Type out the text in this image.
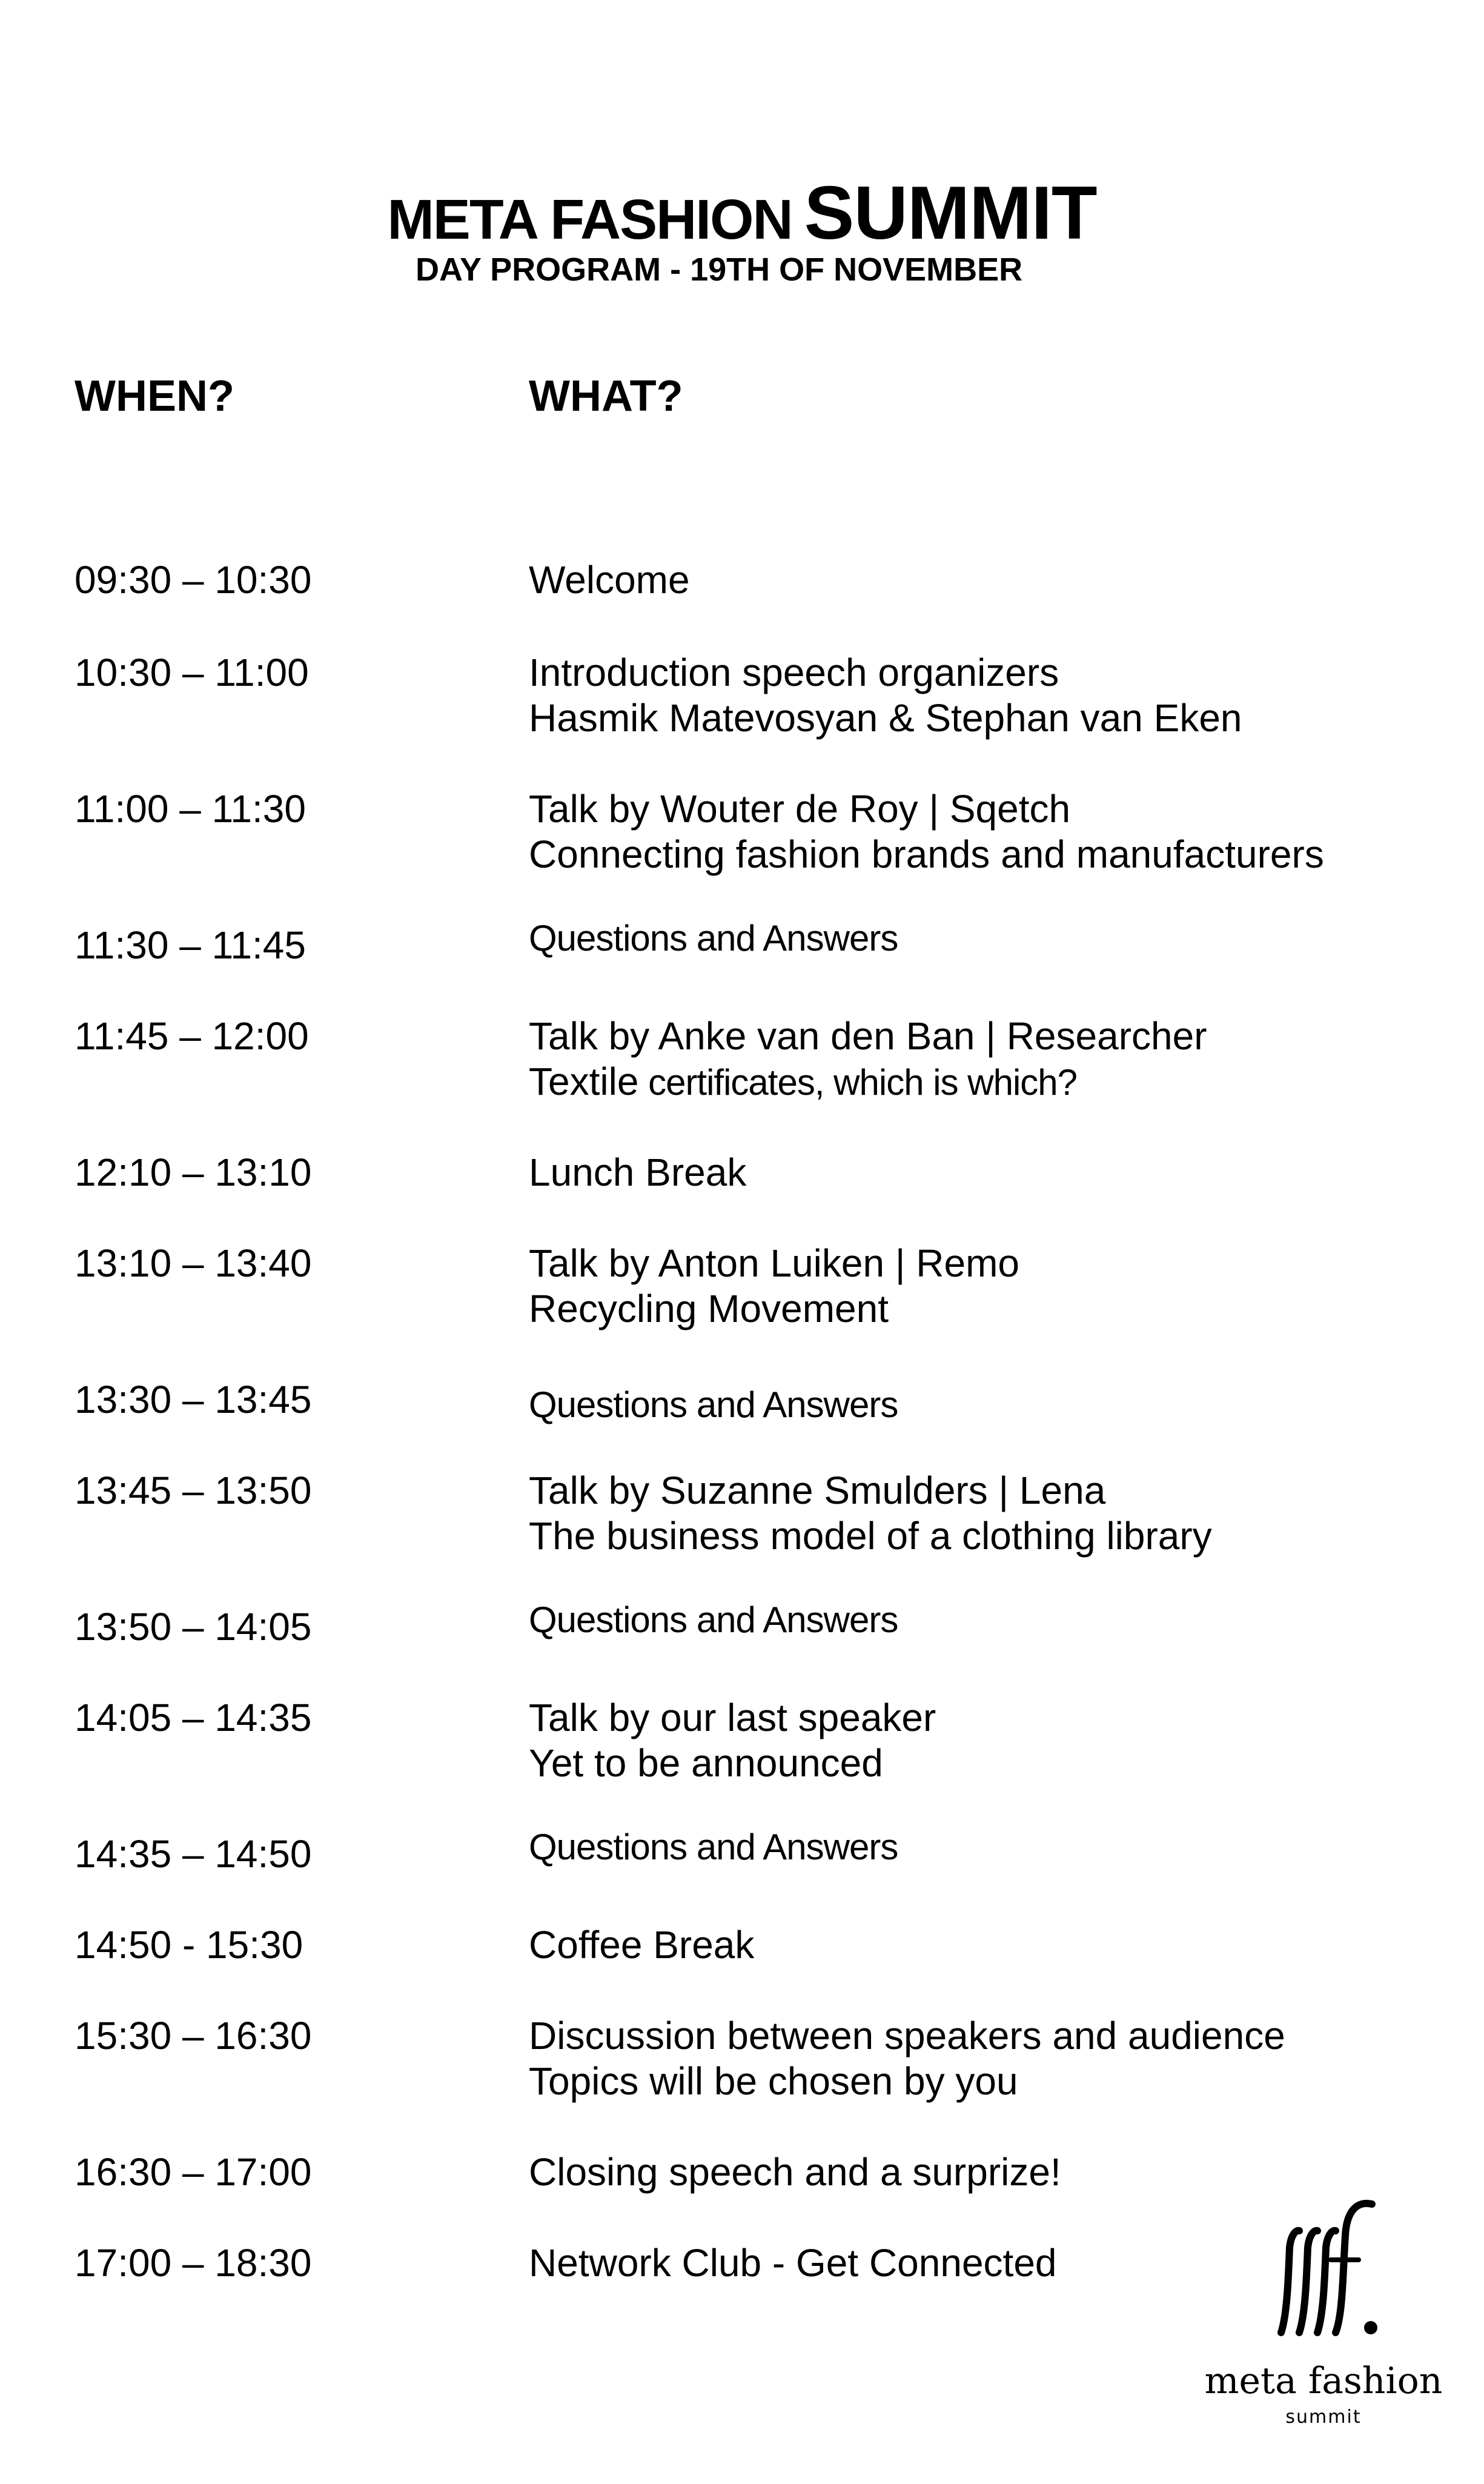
META FASHION SUMMIT

DAY PROGRAM - 19TH OF NOVEMBER

WHEN?	WHAT?

09:30 – 10:30	Welcome
10:30 – 11:00	Introduction speech organizers
Hasmik Matevosyan & Stephan van Eken
11:00 – 11:30	Talk by Wouter de Roy | Sqetch
Connecting fashion brands and manufacturers
11:30 – 11:45	Questions and Answers
11:45 – 12:00	Talk by Anke van den Ban | Researcher
Textile certificates, which is which?
12:10 – 13:10	Lunch Break
13:10 – 13:40	Talk by Anton Luiken | Remo
Recycling Movement
13:30 – 13:45	Questions and Answers
13:45 – 13:50	Talk by Suzanne Smulders | Lena
The business model of a clothing library
13:50 – 14:05	Questions and Answers
14:05 – 14:35	Talk by our last speaker
Yet to be announced
14:35 – 14:50	Questions and Answers
14:50 - 15:30	Coffee Break
15:30 – 16:30	Discussion between speakers and audience
Topics will be chosen by you
16:30 – 17:00	Closing speech and a surprize!
17:00 – 18:30	Network Club - Get Connected
meta fashion
summit
